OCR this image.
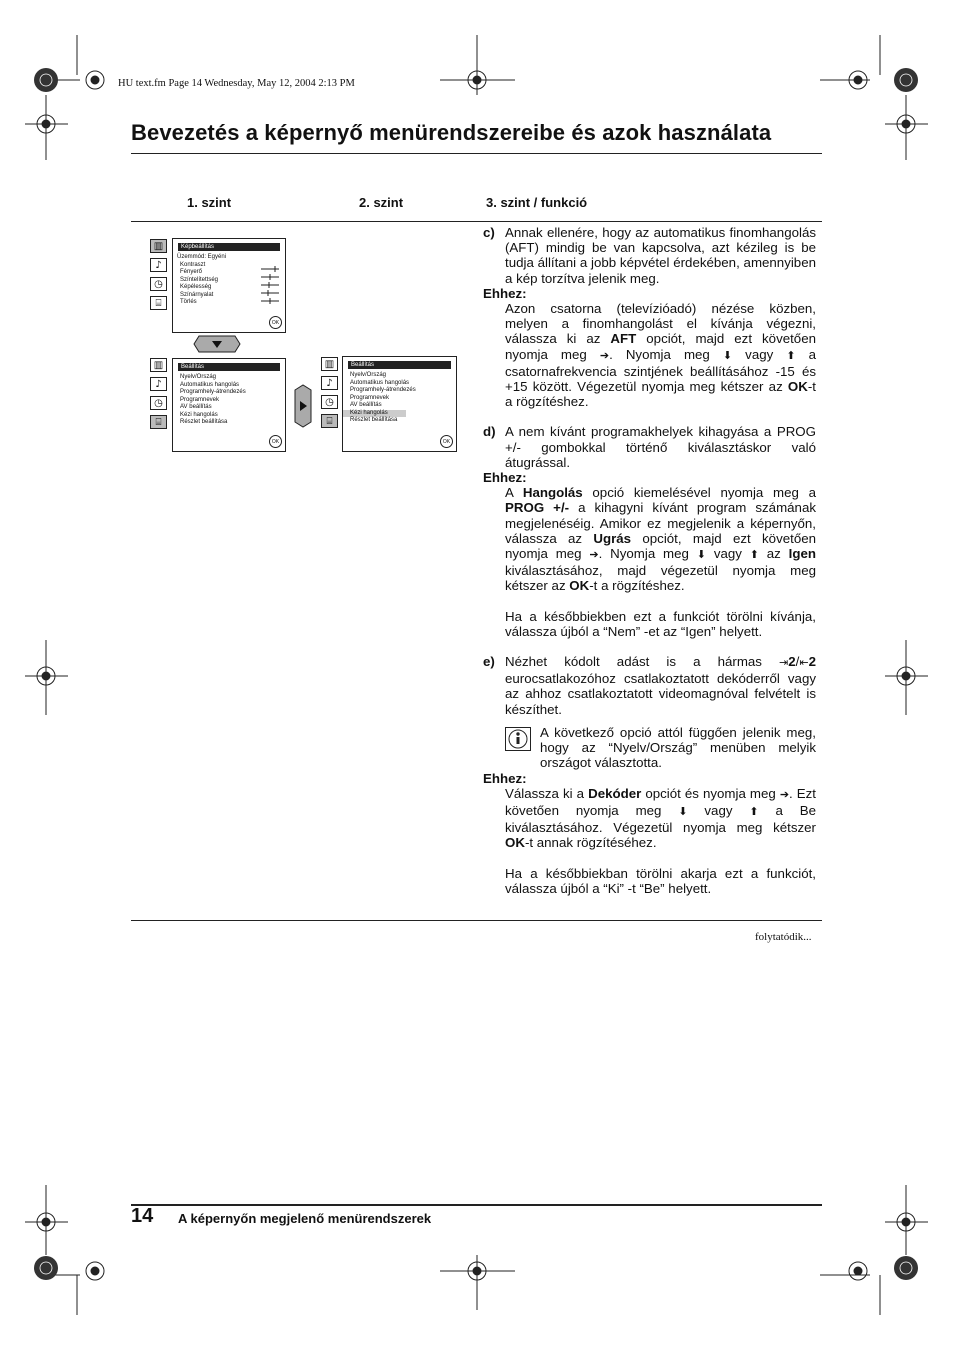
HU text.fm Page 14 Wednesday, May 12, 2004 2:13 PM
Bevezetés a képernyő menürendszereibe és azok használata
1. szint	2. szint	3. szint / funkció
▥
♪
◷
⌸
Képbeállítás
Üzemmód: Egyéni
Kontraszt
Fényerő
Színtelítettség
Képélesség
Színárnyalat
Törlés
OK
▥
♪
◷
⌸
Beállítás
Nyelv/Ország
Automatikus hangolás
Programhely-átrendezés
Programnevek
AV beállítás
Kézi hangolás
Részlet beállítása
OK
▥
♪
◷
⌸
Beállítás
Nyelv/Ország
Automatikus hangolás
Programhely-átrendezés
Programnevek
AV beállítás
Kézi hangolás
Részlet beállítása
OK
c) Annak ellenére, hogy az automatikus finomhangolás (AFT) mindig be van kapcsolva, azt kézileg is be tudja állítani a jobb képvétel érdekében, amennyiben a kép torzítva jelenik meg.

Ehhez:

Azon csatorna (televízióadó) nézése közben, melyen a finomhangolást el kívánja végezni, válassza ki az AFT opciót, majd ezt követően nyomja meg ➔. Nyomja meg ⬇ vagy ⬆ a csatornafrekvencia szintjének beállításához -15 és +15 között. Végezetül nyomja meg kétszer az OK-t a rögzítéshez.

d) A nem kívánt programakhelyek kihagyása a PROG +/- gombokkal történő kiválasztáskor való átugrással.

Ehhez:

A Hangolás opció kiemelésével nyomja meg a PROG +/- a kihagyni kívánt program számának megjelenéséig. Amikor ez megjelenik a képernyőn, válassza az Ugrás opciót, majd ezt követően nyomja meg ➔. Nyomja meg ⬇ vagy ⬆ az Igen kiválasztásához, majd végezetül nyomja meg kétszer az OK-t a rögzítéshez.

Ha a későbbiekben ezt a funkciót törölni kívánja, válassza újból a “Nem” -et az “Igen” helyett.

e) Nézhet kódolt adást is a hármas ⇥2/⇤2 eurocsatlakozóhoz csatlakoztatott dekóderről vagy az ahhoz csatlakoztatott videomagnóval felvételt is készíthet.
A következő opció attól függően jelenik meg, hogy az “Nyelv/Ország” menüben melyik országot választotta.

Ehhez:

Válassza ki a Dekóder opciót és nyomja meg ➔. Ezt követően nyomja meg ⬇ vagy ⬆ a Be kiválasztásához. Végezetül nyomja meg kétszer OK-t annak rögzítéséhez.

Ha a későbbiekban törölni akarja ezt a funkciót, válassza újból a “Ki” -t “Be” helyett.

folytatódik...
14 A képernyőn megjelenő menürendszerek
